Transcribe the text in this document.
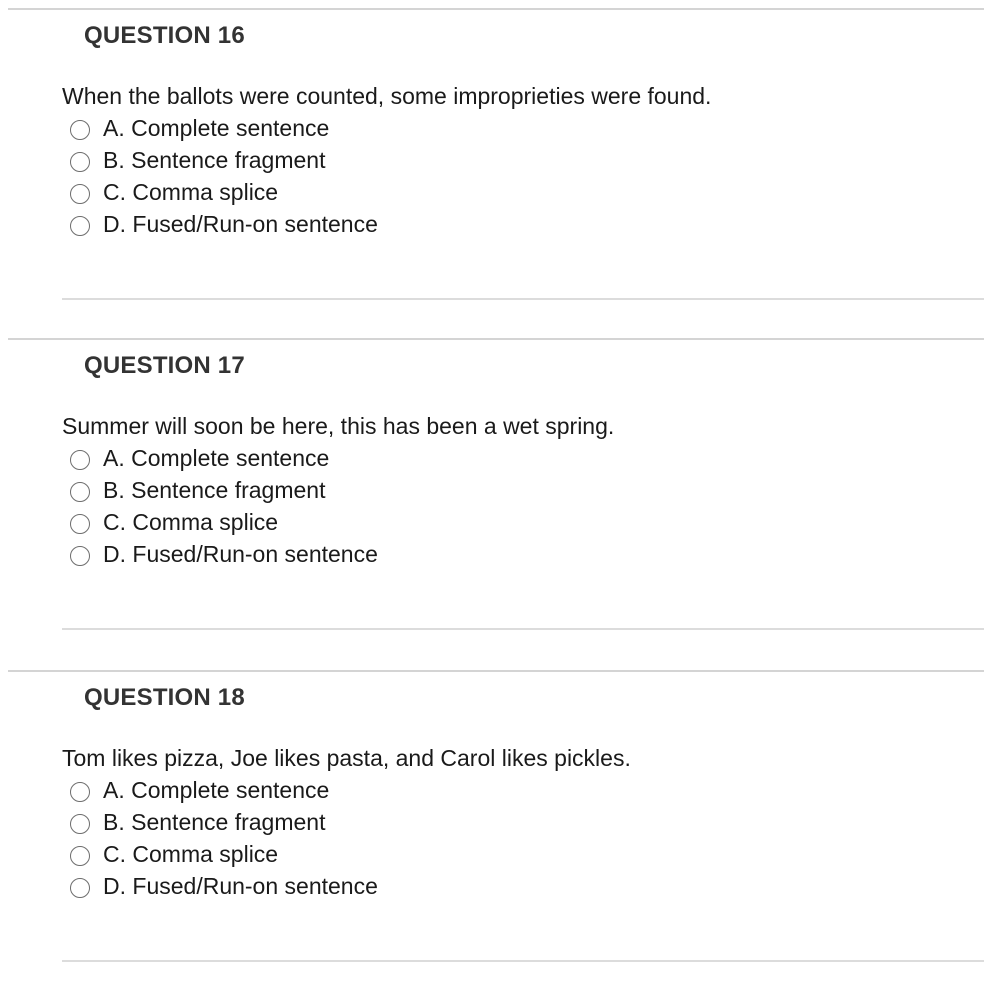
QUESTION 16

When the ballots were counted, some improprieties were found.

A. Complete sentence
B. Sentence fragment
C. Comma splice
D. Fused/Run-on sentence
QUESTION 17

Summer will soon be here, this has been a wet spring.

A. Complete sentence
B. Sentence fragment
C. Comma splice
D. Fused/Run-on sentence
QUESTION 18

Tom likes pizza, Joe likes pasta, and Carol likes pickles.

A. Complete sentence
B. Sentence fragment
C. Comma splice
D. Fused/Run-on sentence
